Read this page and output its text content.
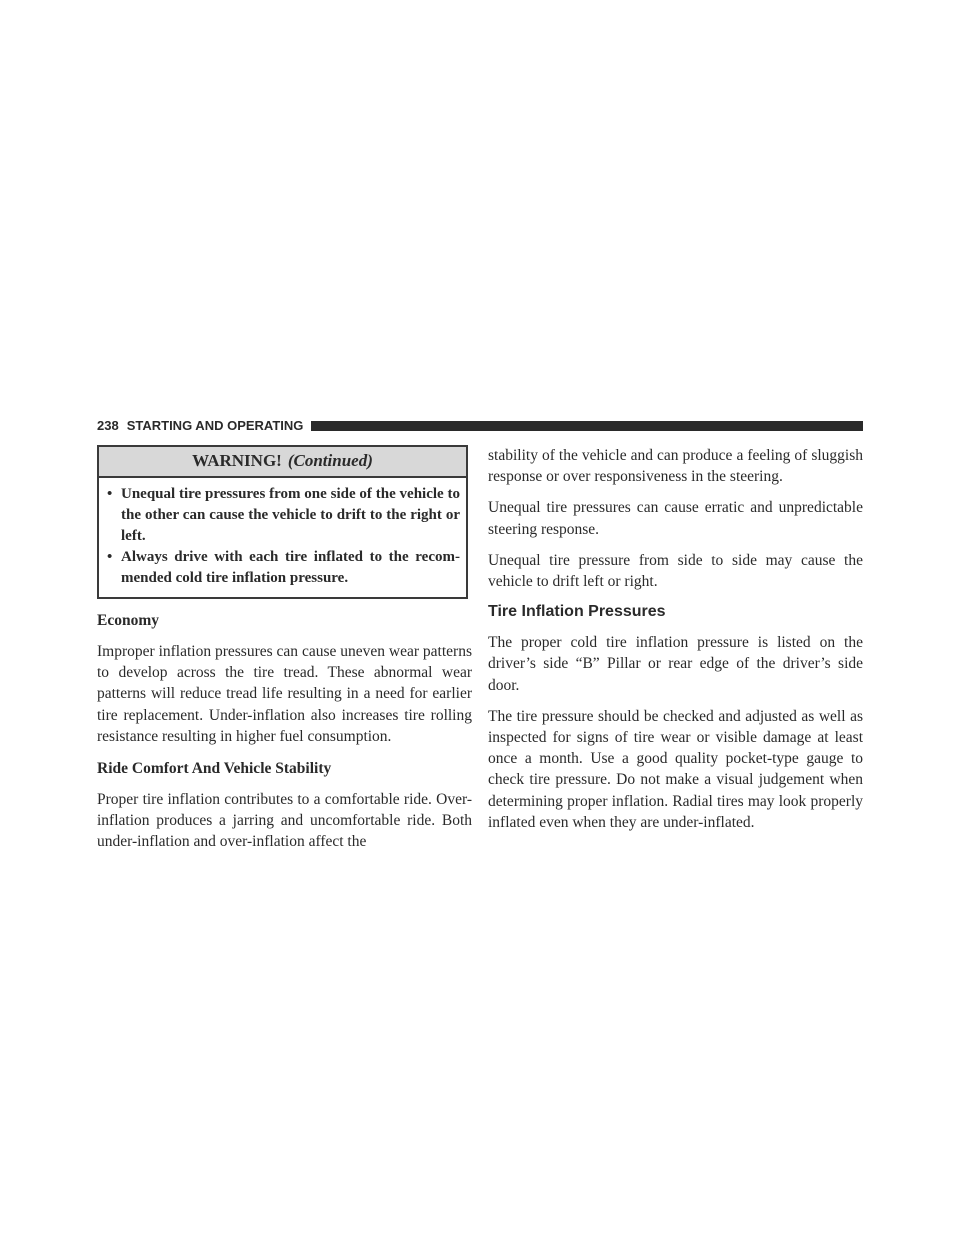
238 STARTING AND OPERATING
WARNING! (Continued)
• Unequal tire pressures from one side of the vehicle to the other can cause the vehicle to drift to the right or left.
• Always drive with each tire inflated to the recommended cold tire inflation pressure.
Economy

Improper inflation pressures can cause uneven wear patterns to develop across the tire tread. These abnormal wear patterns will reduce tread life resulting in a need for earlier tire replacement. Under-inflation also increases tire rolling resistance resulting in higher fuel consumption.

Ride Comfort And Vehicle Stability

Proper tire inflation contributes to a comfortable ride. Over-inflation produces a jarring and uncomfortable ride. Both under-inflation and over-inflation affect the

stability of the vehicle and can produce a feeling of sluggish response or over responsiveness in the steering.

Unequal tire pressures can cause erratic and unpredictable steering response.

Unequal tire pressure from side to side may cause the vehicle to drift left or right.

Tire Inflation Pressures

The proper cold tire inflation pressure is listed on the driver’s side “B” Pillar or rear edge of the driver’s side door.

The tire pressure should be checked and adjusted as well as inspected for signs of tire wear or visible damage at least once a month. Use a good quality pocket-type gauge to check tire pressure. Do not make a visual judgement when determining proper inflation. Radial tires may look properly inflated even when they are under-inflated.
